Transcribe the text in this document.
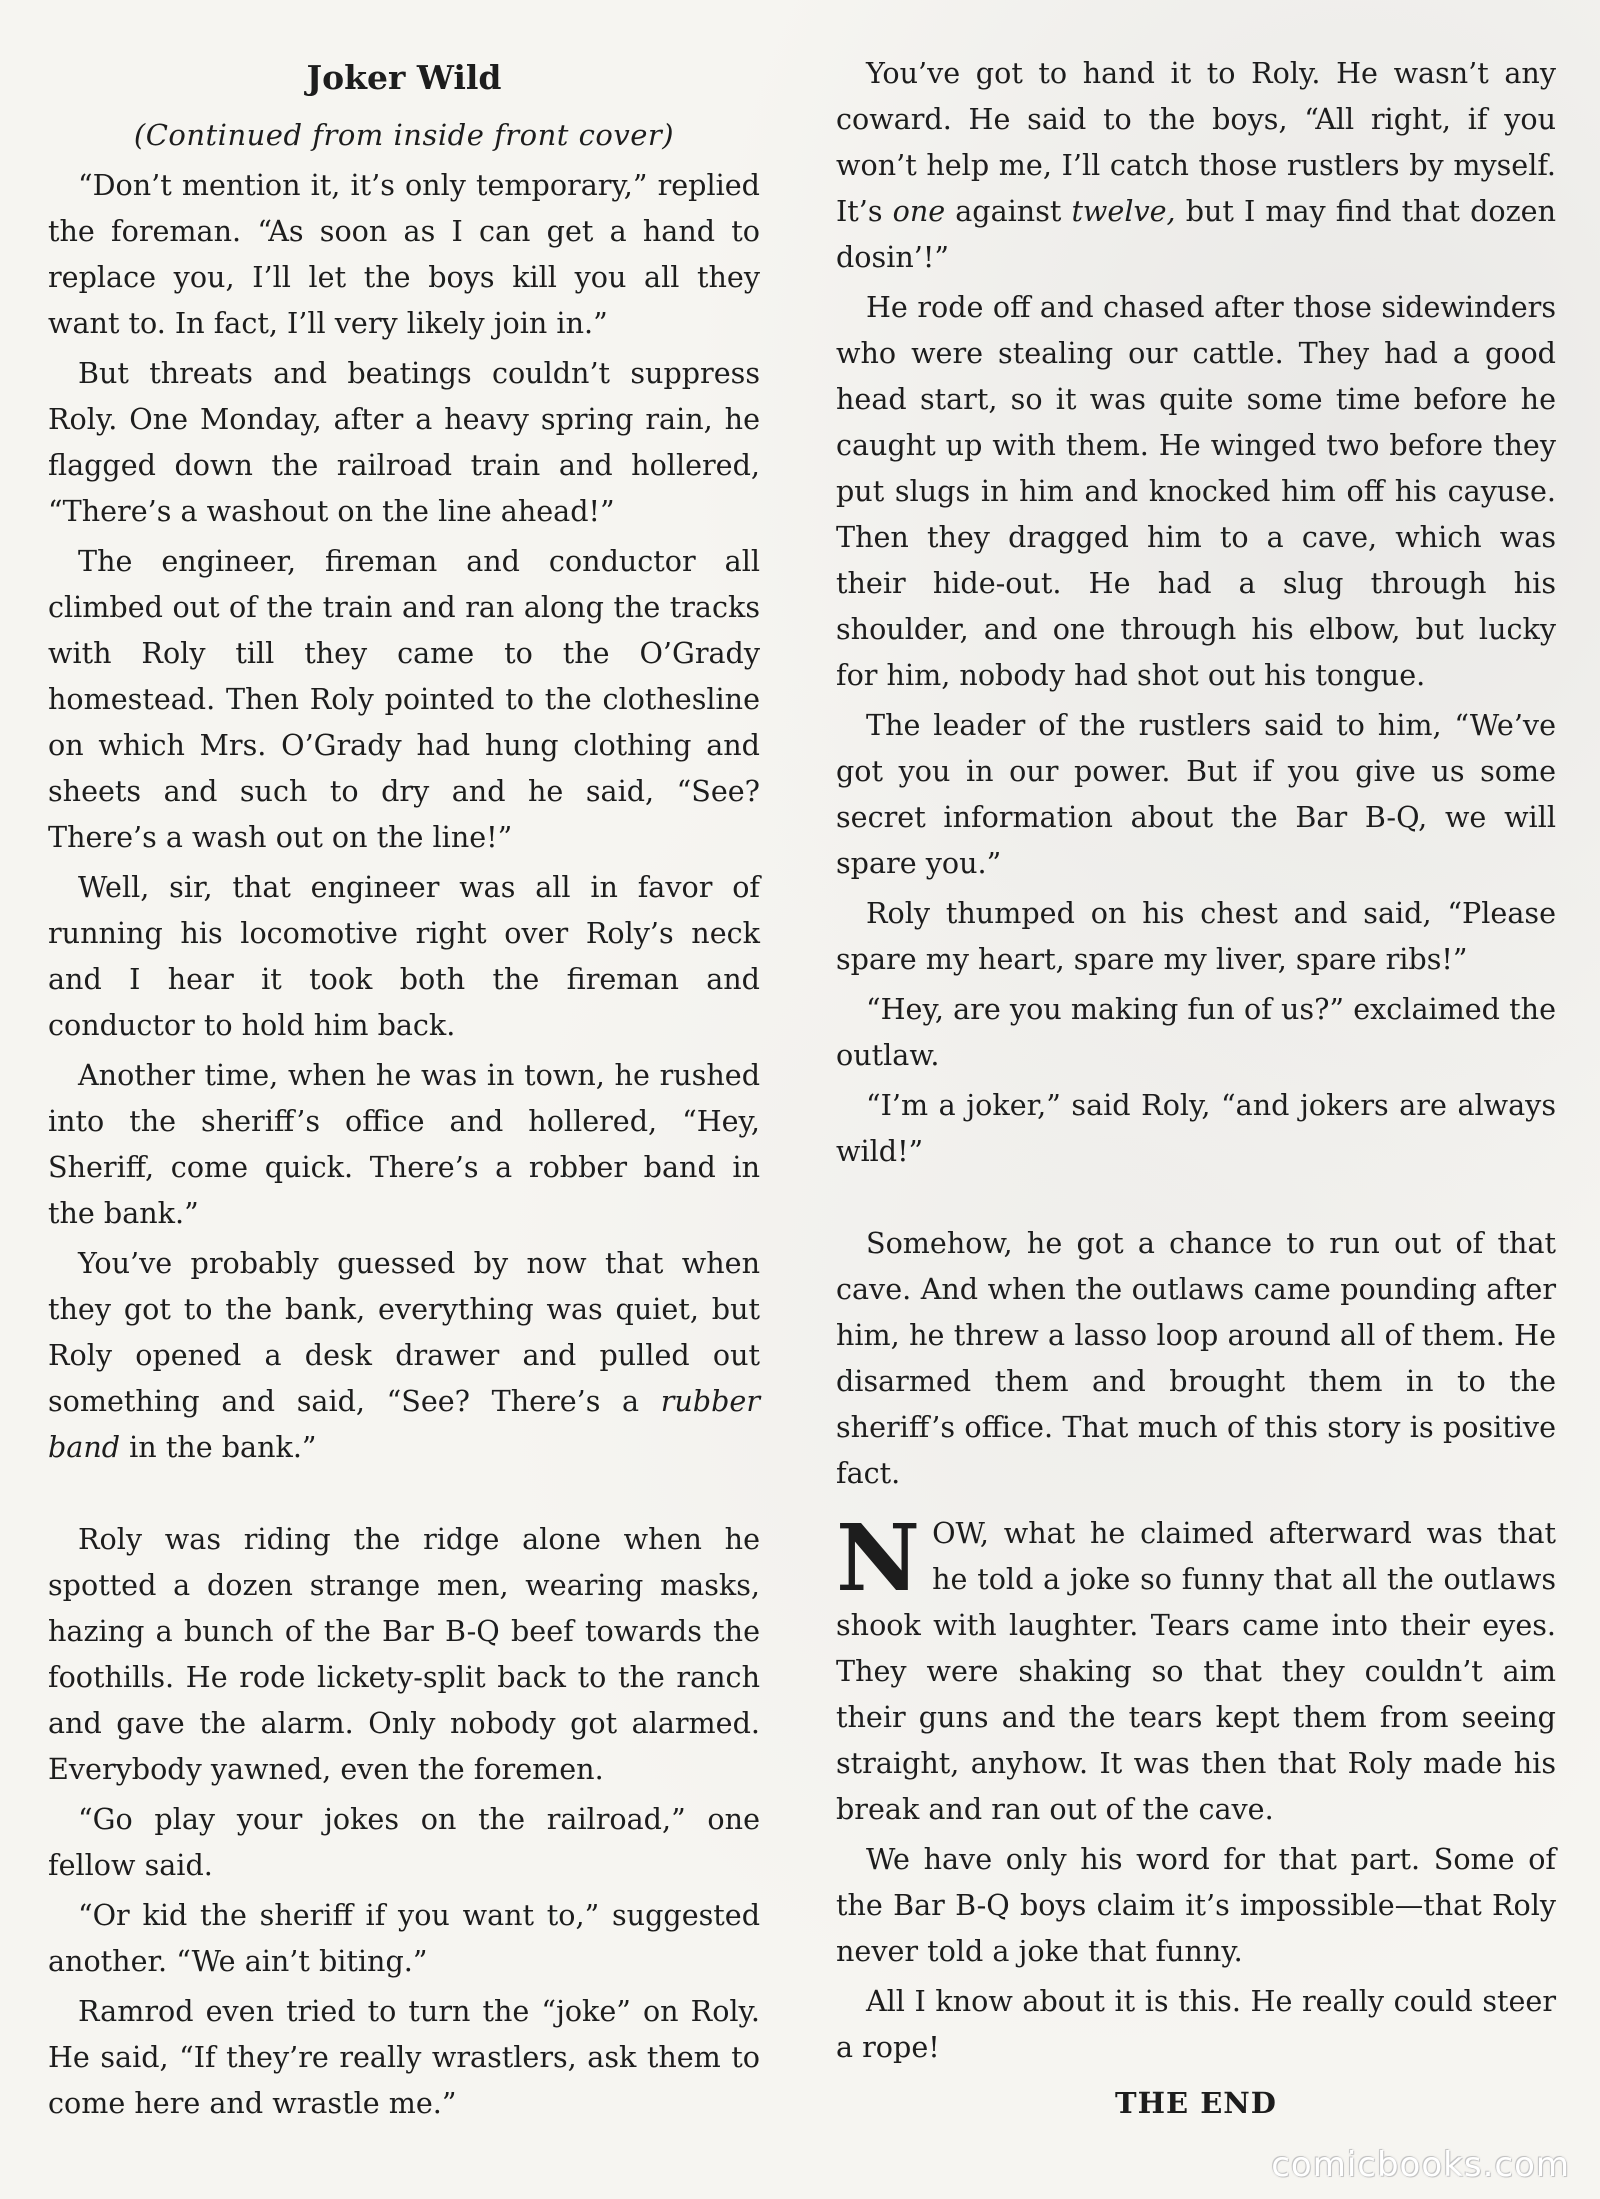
Joker Wild
(Continued from inside front cover)

“Don’t mention it, it’s only temporary,” replied the foreman. “As soon as I can get a hand to replace you, I’ll let the boys kill you all they want to. In fact, I’ll very likely join in.”

But threats and beatings couldn’t suppress Roly. One Monday, after a heavy spring rain, he flagged down the railroad train and hollered, “There’s a washout on the line ahead!”

The engineer, fireman and conductor all climbed out of the train and ran along the tracks with Roly till they came to the O’Grady homestead. Then Roly pointed to the clothesline on which Mrs. O’Grady had hung clothing and sheets and such to dry and he said, “See? There’s a wash out on the line!”

Well, sir, that engineer was all in favor of running his locomotive right over Roly’s neck and I hear it took both the fireman and conductor to hold him back.

Another time, when he was in town, he rushed into the sheriff’s office and hollered, “Hey, Sheriff, come quick. There’s a robber band in the bank.”

You’ve probably guessed by now that when they got to the bank, everything was quiet, but Roly opened a desk drawer and pulled out something and said, “See? There’s a rubber band in the bank.”

Roly was riding the ridge alone when he spotted a dozen strange men, wearing masks, hazing a bunch of the Bar B-Q beef towards the foothills. He rode lickety-split back to the ranch and gave the alarm. Only nobody got alarmed. Everybody yawned, even the foremen.

“Go play your jokes on the railroad,” one fellow said.

“Or kid the sheriff if you want to,” suggested another. “We ain’t biting.”

Ramrod even tried to turn the “joke” on Roly. He said, “If they’re really wrastlers, ask them to come here and wrastle me.”

You’ve got to hand it to Roly. He wasn’t any coward. He said to the boys, “All right, if you won’t help me, I’ll catch those rustlers by myself. It’s one against twelve, but I may find that dozen dosin’!”

He rode off and chased after those sidewinders who were stealing our cattle. They had a good head start, so it was quite some time before he caught up with them. He winged two before they put slugs in him and knocked him off his cayuse. Then they dragged him to a cave, which was their hide-out. He had a slug through his shoulder, and one through his elbow, but lucky for him, nobody had shot out his tongue.

The leader of the rustlers said to him, “We’ve got you in our power. But if you give us some secret information about the Bar B-Q, we will spare you.”

Roly thumped on his chest and said, “Please spare my heart, spare my liver, spare ribs!”

“Hey, are you making fun of us?” exclaimed the outlaw.

“I’m a joker,” said Roly, “and jokers are always wild!”

Somehow, he got a chance to run out of that cave. And when the outlaws came pounding after him, he threw a lasso loop around all of them. He disarmed them and brought them in to the sheriff’s office. That much of this story is positive fact.

NOW, what he claimed afterward was that he told a joke so funny that all the outlaws shook with laughter. Tears came into their eyes. They were shaking so that they couldn’t aim their guns and the tears kept them from seeing straight, anyhow. It was then that Roly made his break and ran out of the cave.

We have only his word for that part. Some of the Bar B-Q boys claim it’s impossible—that Roly never told a joke that funny.

All I know about it is this. He really could steer a rope!

THE END
comicbooks.com
